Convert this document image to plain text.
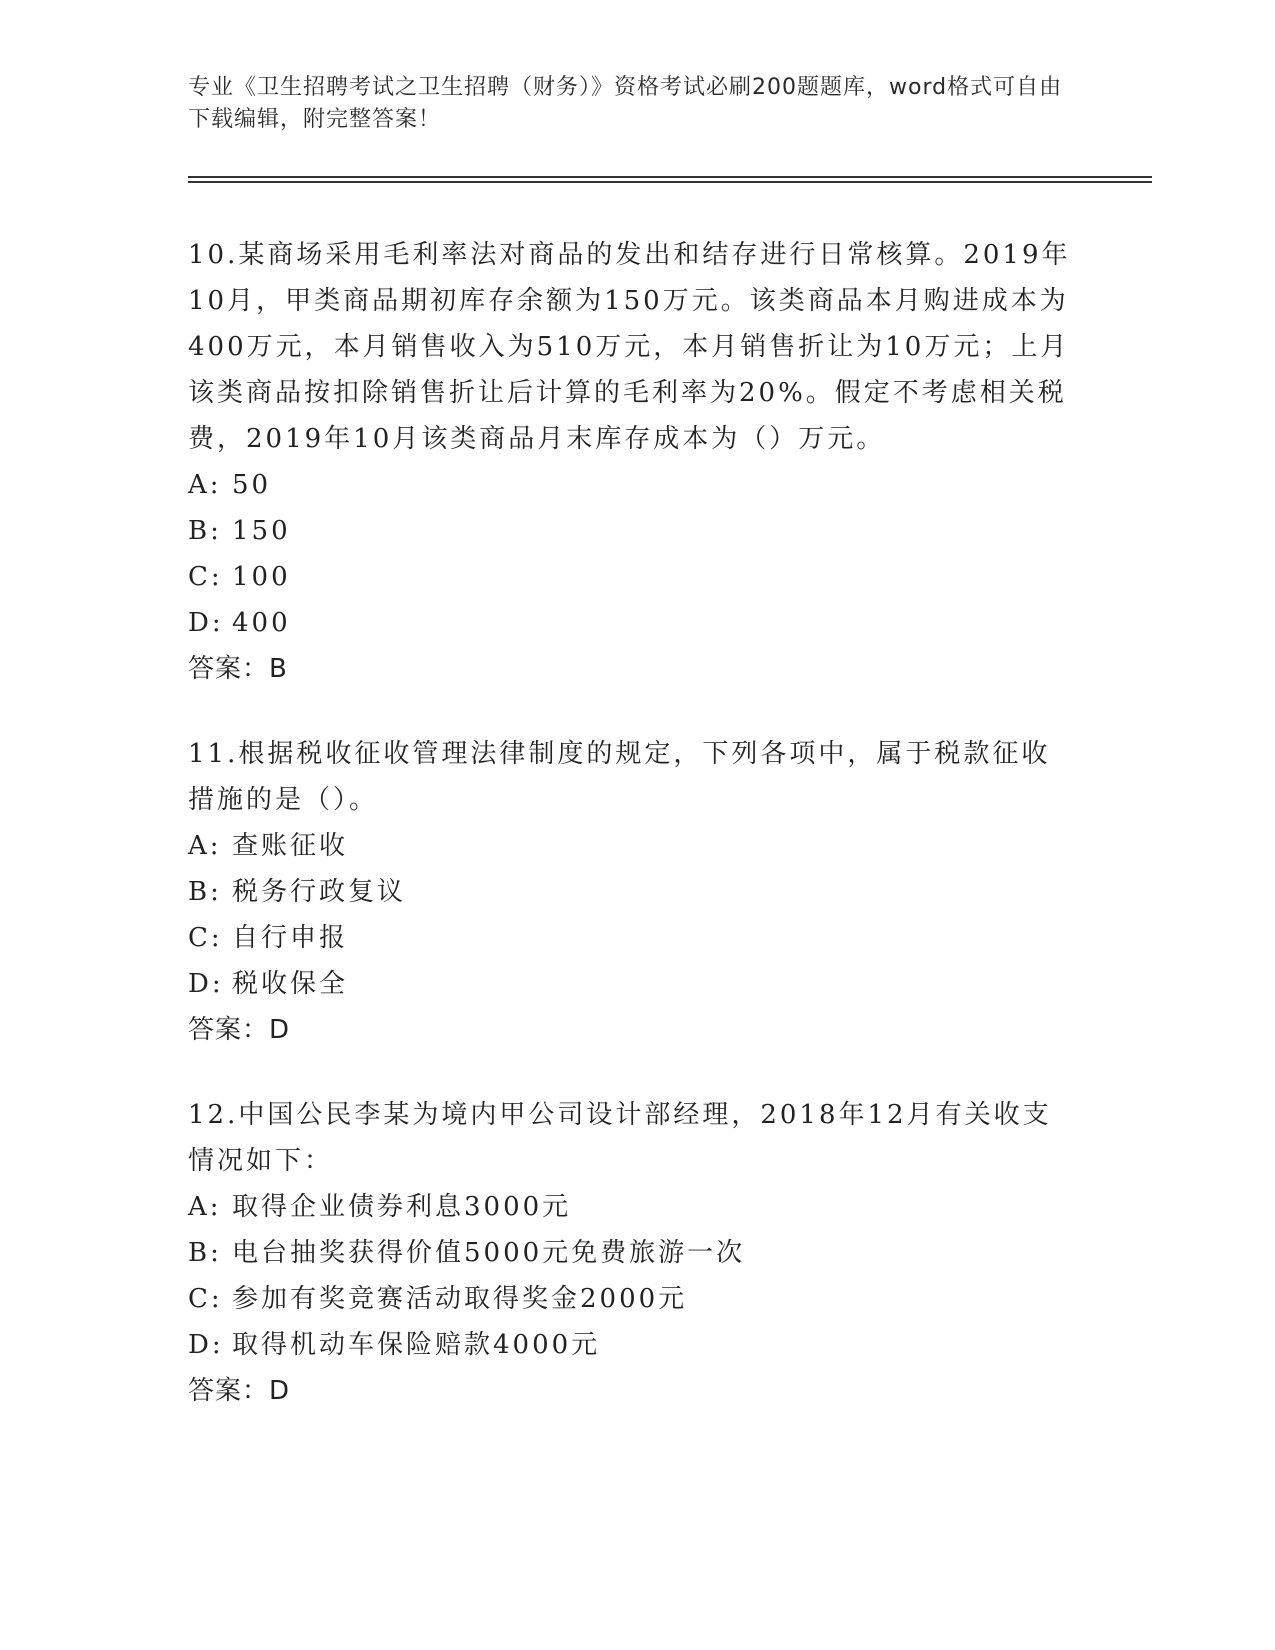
专业《卫生招聘考试之卫生招聘（财务）》资格考试必刷200题题库，word格式可自由下载编辑，附完整答案！

10.某商场采用毛利率法对商品的发出和结存进行日常核算。2019年10月，甲类商品期初库存余额为150万元。该类商品本月购进成本为400万元，本月销售收入为510万元，本月销售折让为10万元；上月该类商品按扣除销售折让后计算的毛利率为20%。假定不考虑相关税费，2019年10月该类商品月末库存成本为（）万元。

A: 50

B: 150

C: 100

D: 400

答案：B

11.根据税收征收管理法律制度的规定，下列各项中，属于税款征收措施的是（）。

A: 查账征收

B: 税务行政复议

C: 自行申报

D: 税收保全

答案：D

12.中国公民李某为境内甲公司设计部经理，2018年12月有关收支情况如下：

A: 取得企业债券利息3000元

B: 电台抽奖获得价值5000元免费旅游一次

C: 参加有奖竞赛活动取得奖金2000元

D: 取得机动车保险赔款4000元

答案：D
